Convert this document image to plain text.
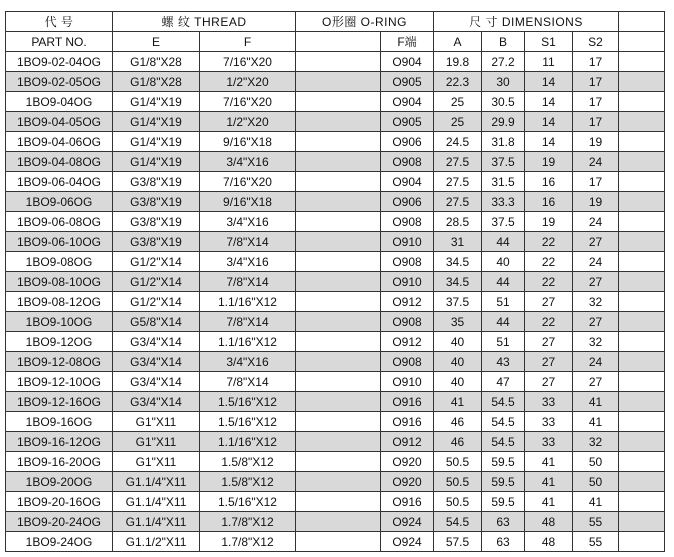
代 号	螺 纹 THREAD		O形圈 O-RING		尺 寸 DIMENSIONS				
PART NO.	E	F		F端	A	B	S1	S2	
1BO9-02-04OG	G1/8"X28	7/16"X20		O904	19.8	27.2	11	17	
1BO9-02-05OG	G1/8"X28	1/2"X20		O905	22.3	30	14	17	
1BO9-04OG	G1/4"X19	7/16"X20		O904	25	30.5	14	17	
1BO9-04-05OG	G1/4"X19	1/2"X20		O905	25	29.9	14	17	
1BO9-04-06OG	G1/4"X19	9/16"X18		O906	24.5	31.8	14	19	
1BO9-04-08OG	G1/4"X19	3/4"X16		O908	27.5	37.5	19	24	
1BO9-06-04OG	G3/8"X19	7/16"X20		O904	27.5	31.5	16	17	
1BO9-06OG	G3/8"X19	9/16"X18		O906	27.5	33.3	16	19	
1BO9-06-08OG	G3/8"X19	3/4"X16		O908	28.5	37.5	19	24	
1BO9-06-10OG	G3/8"X19	7/8"X14		O910	31	44	22	27	
1BO9-08OG	G1/2"X14	3/4"X16		O908	34.5	40	22	24	
1BO9-08-10OG	G1/2"X14	7/8"X14		O910	34.5	44	22	27	
1BO9-08-12OG	G1/2"X14	1.1/16"X12		O912	37.5	51	27	32	
1BO9-10OG	G5/8"X14	7/8"X14		O908	35	44	22	27	
1BO9-12OG	G3/4"X14	1.1/16"X12		O912	40	51	27	32	
1BO9-12-08OG	G3/4"X14	3/4"X16		O908	40	43	27	24	
1BO9-12-10OG	G3/4"X14	7/8"X14		O910	40	47	27	27	
1BO9-12-16OG	G3/4"X14	1.5/16"X12		O916	41	54.5	33	41	
1BO9-16OG	G1"X11	1.5/16"X12		O916	46	54.5	33	41	
1BO9-16-12OG	G1"X11	1.1/16"X12		O912	46	54.5	33	32	
1BO9-16-20OG	G1"X11	1.5/8"X12		O920	50.5	59.5	41	50	
1BO9-20OG	G1.1/4"X11	1.5/8"X12		O920	50.5	59.5	41	50	
1BO9-20-16OG	G1.1/4"X11	1.5/16"X12		O916	50.5	59.5	41	41	
1BO9-20-24OG	G1.1/4"X11	1.7/8"X12		O924	54.5	63	48	55	
1BO9-24OG	G1.1/2"X11	1.7/8"X12		O924	57.5	63	48	55	
